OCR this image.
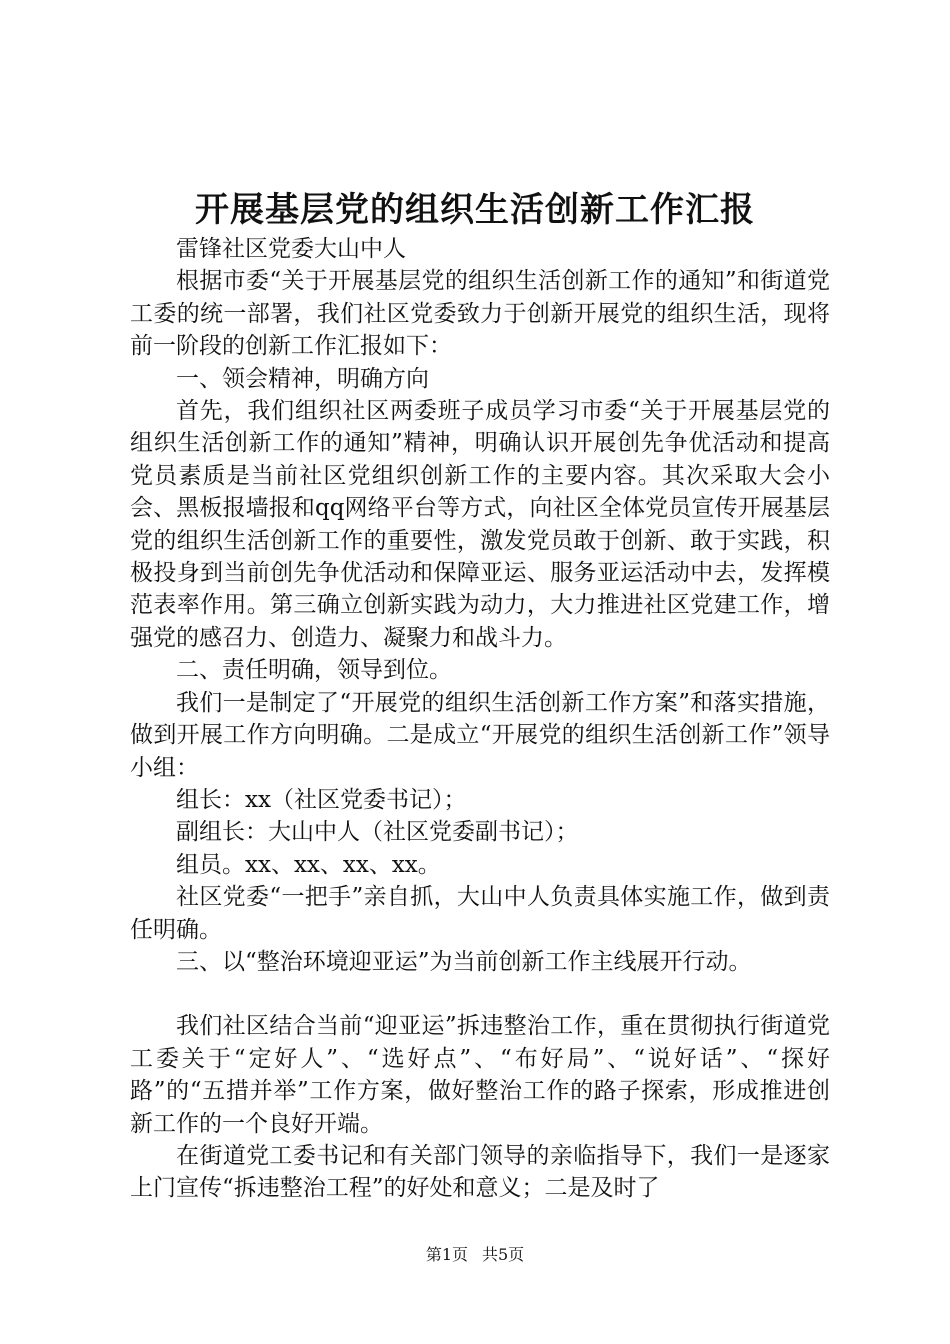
开展基层党的组织生活创新工作汇报

雷锋社区党委大山中人

根据市委“关于开展基层党的组织生活创新工作的通知”和街道党工委的统一部署，我们社区党委致力于创新开展党的组织生活，现将前一阶段的创新工作汇报如下：

一、领会精神，明确方向

首先，我们组织社区两委班子成员学习市委“关于开展基层党的组织生活创新工作的通知”精神，明确认识开展创先争优活动和提高党员素质是当前社区党组织创新工作的主要内容。其次采取大会小会、黑板报墙报和qq网络平台等方式，向社区全体党员宣传开展基层党的组织生活创新工作的重要性，激发党员敢于创新、敢于实践，积极投身到当前创先争优活动和保障亚运、服务亚运活动中去，发挥模范表率作用。第三确立创新实践为动力，大力推进社区党建工作，增强党的感召力、创造力、凝聚力和战斗力。

二、责任明确，领导到位。

我们一是制定了“开展党的组织生活创新工作方案”和落实措施，做到开展工作方向明确。二是成立“开展党的组织生活创新工作”领导小组：

组长：xx（社区党委书记）；

副组长：大山中人（社区党委副书记）；

组员。xx、xx、xx、xx。

社区党委“一把手”亲自抓，大山中人负责具体实施工作，做到责任明确。

三、以“整治环境迎亚运”为当前创新工作主线展开行动。

我们社区结合当前“迎亚运”拆违整治工作，重在贯彻执行街道党工委关于“定好人”、“选好点”、“布好局”、“说好话”、“探好路”的“五措并举”工作方案，做好整治工作的路子探索，形成推进创新工作的一个良好开端。

在街道党工委书记和有关部门领导的亲临指导下，我们一是逐家上门宣传“拆违整治工程”的好处和意义；二是及时了

第1页 共5页
